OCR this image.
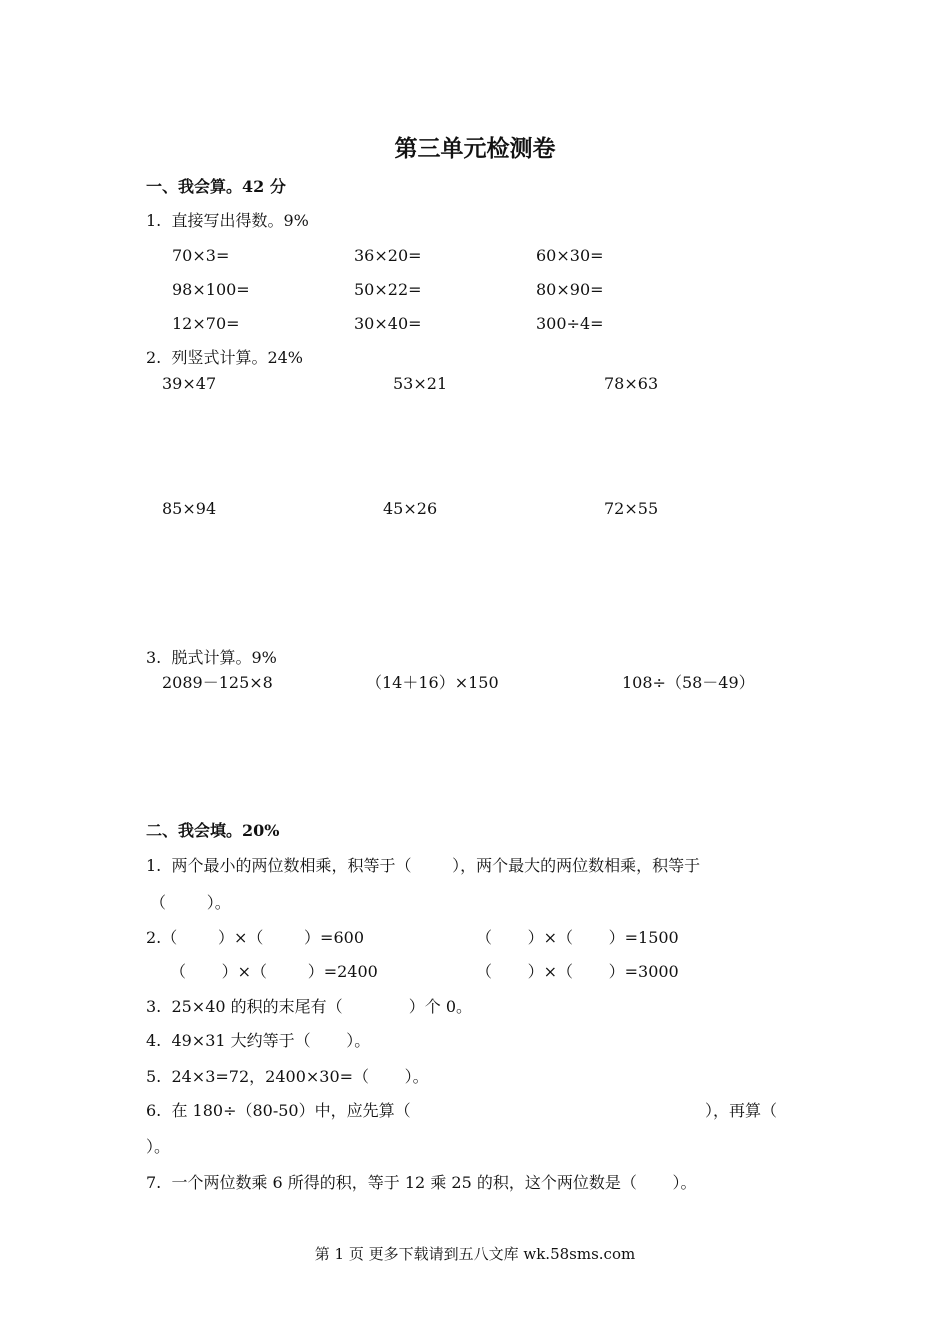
第三单元检测卷
一、我会算。42 分
1.  直接写出得数。9%
70×3=	36×20=	60×30=
98×100=	50×22=	80×90=
12×70=	30×40=	300÷4=
2.  列竖式计算。24%
39×47	53×21	78×63
85×94	45×26	72×55
3.  脱式计算。9%
2089－125×8	（14＋16）×150	108÷（58－49）
二、我会填。20%
1.  两个最小的两位数相乘，积等于（        ），两个最大的两位数相乘，积等于
（        ）。
2.（        ）×（        ）=600	（       ）×（       ）=1500
（       ）×（        ）=2400	（       ）×（       ）=3000
3.  25×40 的积的末尾有（             ）个 0。
4.  49×31 大约等于（       ）。
5.  24×3=72，2400×30=（       ）。
6.  在 180÷（80-50）中，应先算（	），再算（
）。
7.  一个两位数乘 6 所得的积，等于 12 乘 25 的积，这个两位数是（       ）。
第 1 页 更多下载请到五八文库 wk.58sms.com
